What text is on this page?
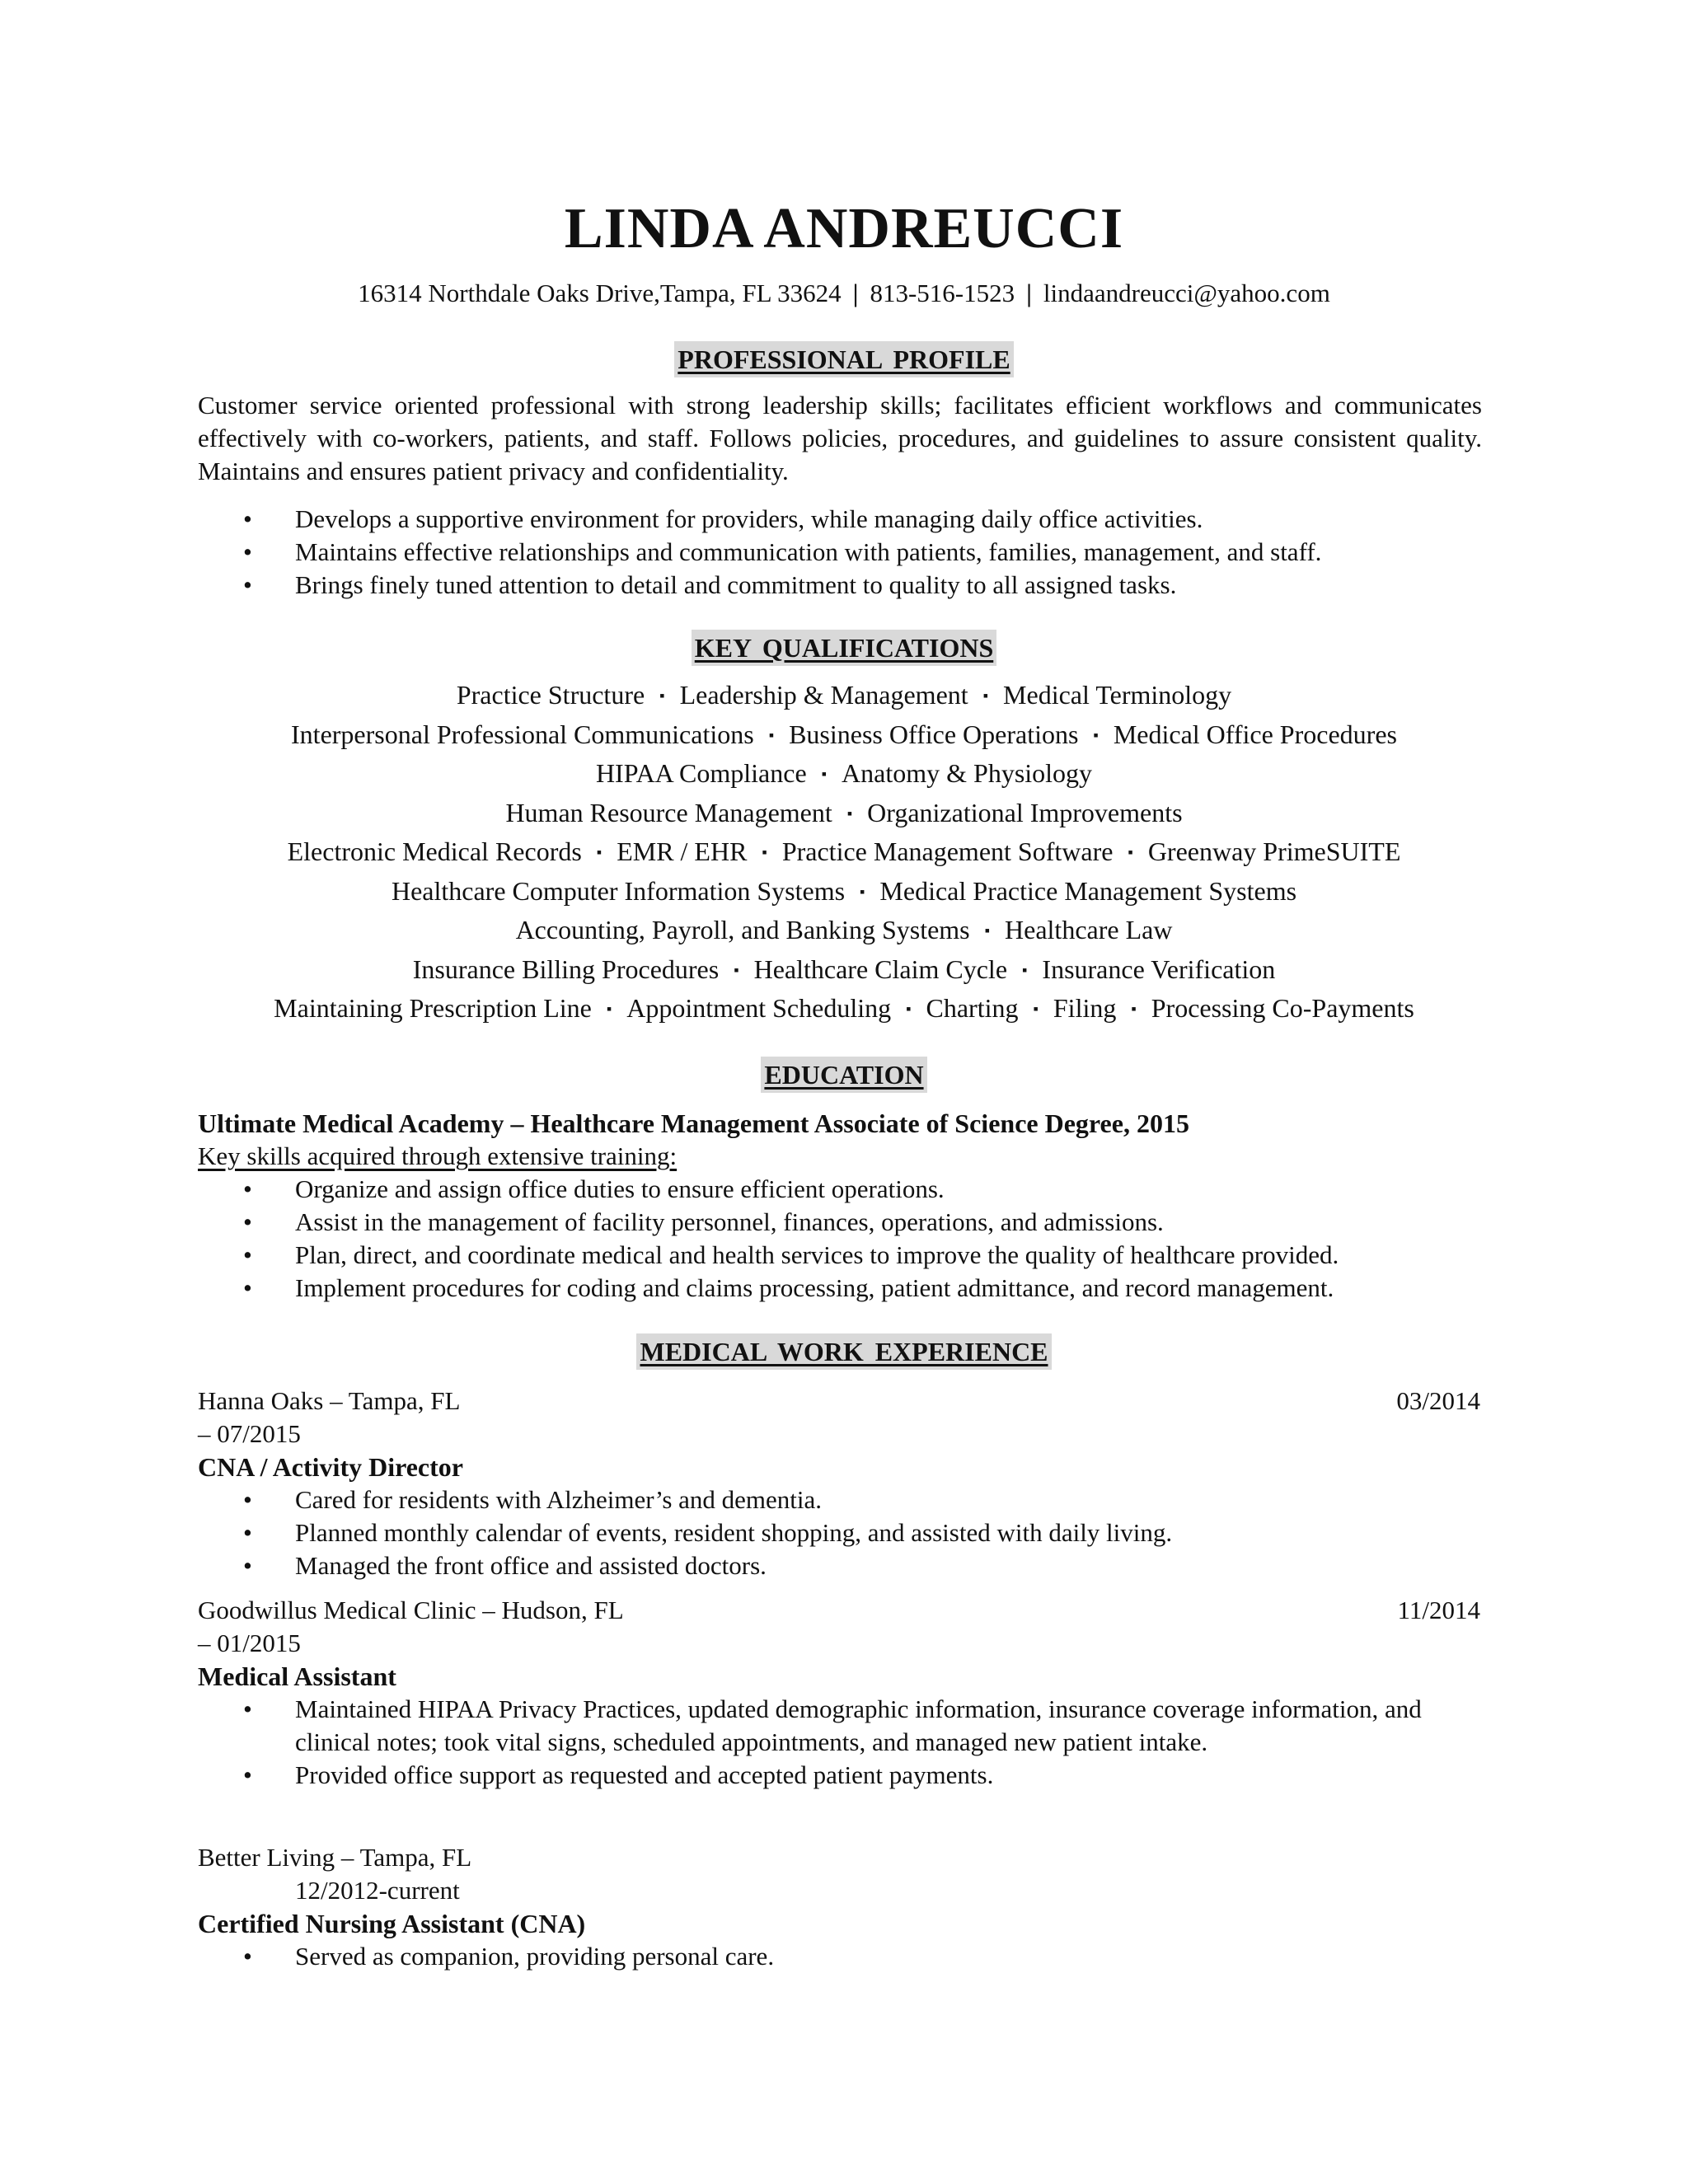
LINDA ANDREUCCI
16314 Northdale Oaks Drive,Tampa, FL 33624 | 813-516-1523 | lindaandreucci@yahoo.com
PROFESSIONAL PROFILE
Customer service oriented professional with strong leadership skills; facilitates efficient workflows and communicates effectively with co-workers, patients, and staff. Follows policies, procedures, and guidelines to assure consistent quality. Maintains and ensures patient privacy and confidentiality.
• Develops a supportive environment for providers, while managing daily office activities.
• Maintains effective relationships and communication with patients, families, management, and staff.
• Brings finely tuned attention to detail and commitment to quality to all assigned tasks.
KEY QUALIFICATIONS
Practice Structure ▪ Leadership & Management ▪ Medical Terminology
Interpersonal Professional Communications ▪ Business Office Operations ▪ Medical Office Procedures
HIPAA Compliance ▪ Anatomy & Physiology
Human Resource Management ▪ Organizational Improvements
Electronic Medical Records ▪ EMR / EHR ▪ Practice Management Software ▪ Greenway PrimeSUITE
Healthcare Computer Information Systems ▪ Medical Practice Management Systems
Accounting, Payroll, and Banking Systems ▪ Healthcare Law
Insurance Billing Procedures ▪ Healthcare Claim Cycle ▪ Insurance Verification
Maintaining Prescription Line ▪ Appointment Scheduling ▪ Charting ▪ Filing ▪ Processing Co-Payments
EDUCATION
Ultimate Medical Academy – Healthcare Management Associate of Science Degree, 2015
Key skills acquired through extensive training:
• Organize and assign office duties to ensure efficient operations.
• Assist in the management of facility personnel, finances, operations, and admissions.
• Plan, direct, and coordinate medical and health services to improve the quality of healthcare provided.
• Implement procedures for coding and claims processing, patient admittance, and record management.
MEDICAL WORK EXPERIENCE
Hanna Oaks – Tampa, FL	03/2014
– 07/2015
CNA / Activity Director
• Cared for residents with Alzheimer’s and dementia.
• Planned monthly calendar of events, resident shopping, and assisted with daily living.
• Managed the front office and assisted doctors.
Goodwillus Medical Clinic – Hudson, FL	11/2014
– 01/2015
Medical Assistant
• Maintained HIPAA Privacy Practices, updated demographic information, insurance coverage information, and clinical notes; took vital signs, scheduled appointments, and managed new patient intake.
• Provided office support as requested and accepted patient payments.
Better Living – Tampa, FL
12/2012-current
Certified Nursing Assistant (CNA)
• Served as companion, providing personal care.
